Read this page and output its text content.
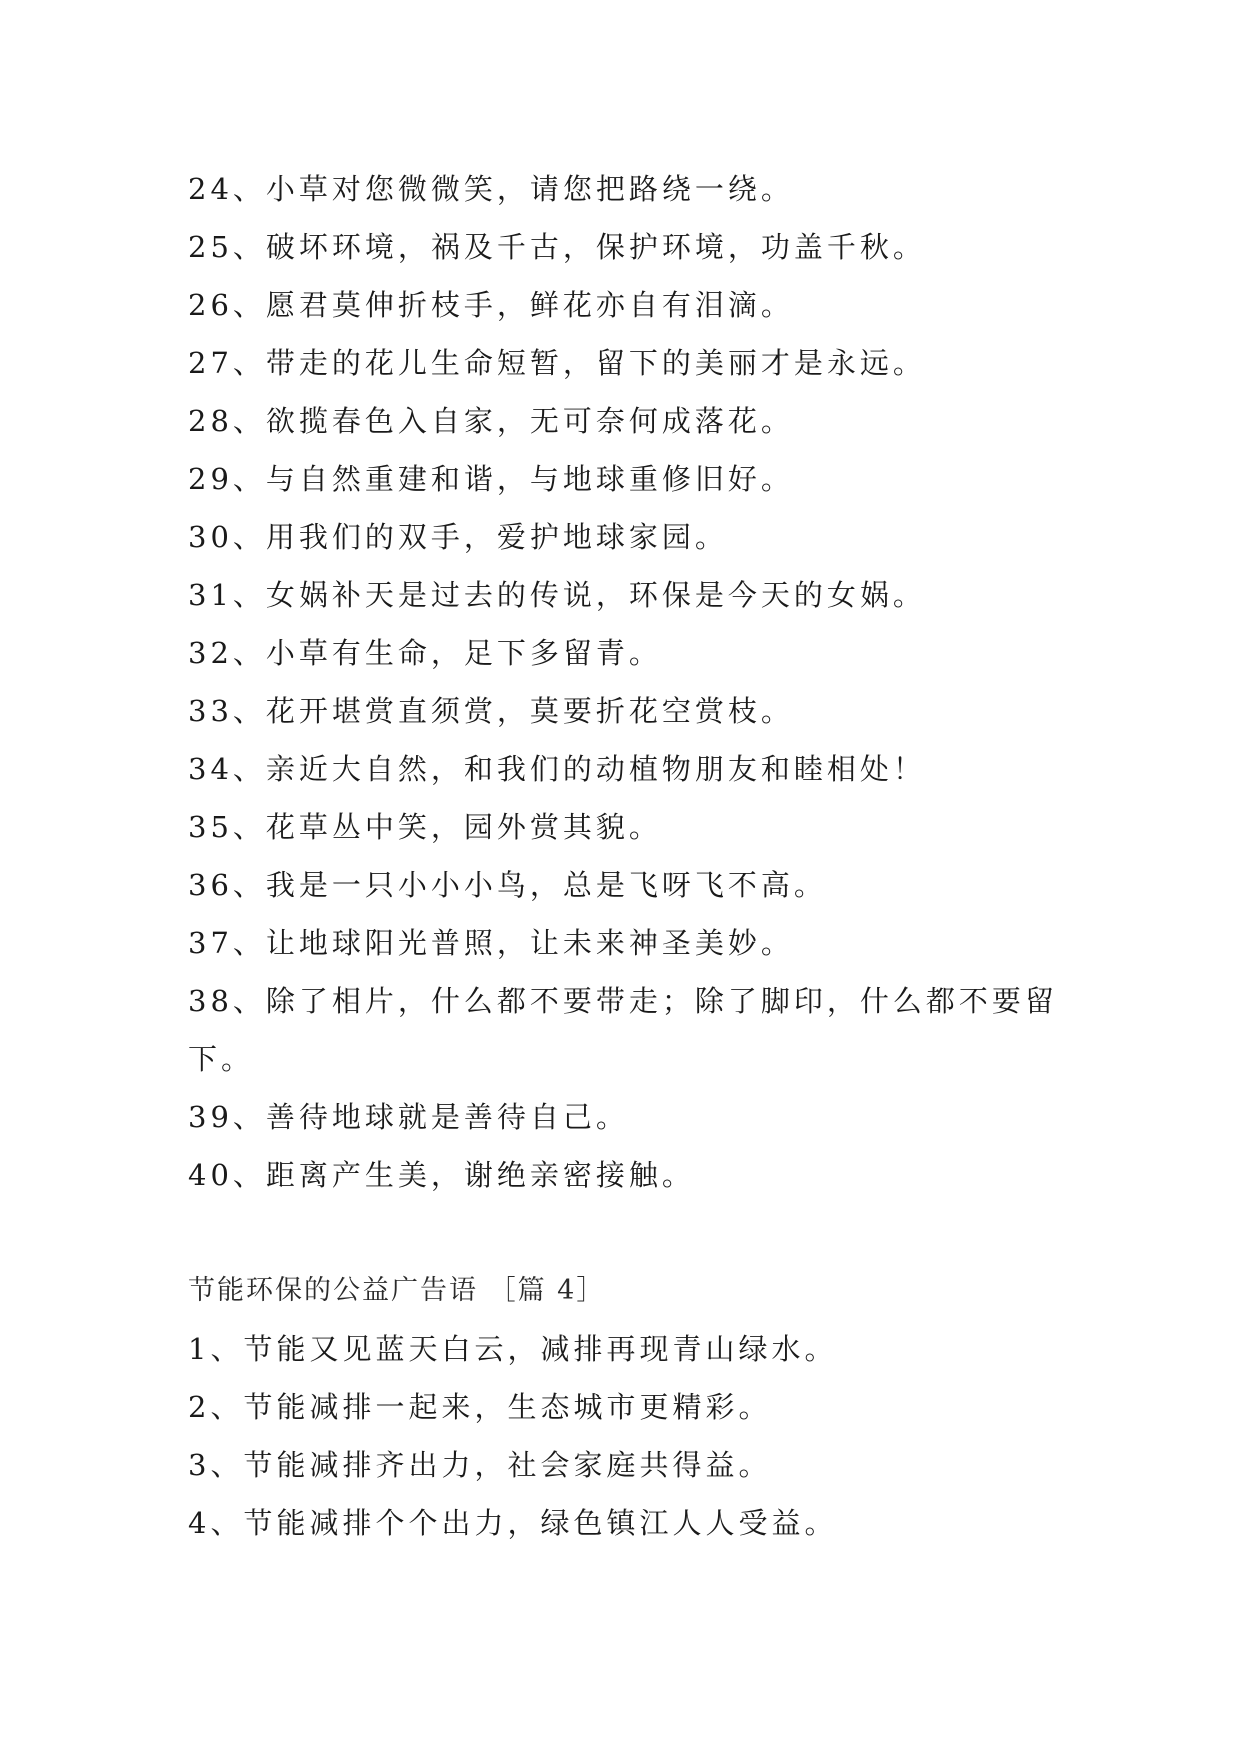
24、小草对您微微笑，请您把路绕一绕。
25、破坏环境，祸及千古，保护环境，功盖千秋。
26、愿君莫伸折枝手，鲜花亦自有泪滴。
27、带走的花儿生命短暂，留下的美丽才是永远。
28、欲揽春色入自家，无可奈何成落花。
29、与自然重建和谐，与地球重修旧好。
30、用我们的双手，爱护地球家园。
31、女娲补天是过去的传说，环保是今天的女娲。
32、小草有生命，足下多留青。
33、花开堪赏直须赏，莫要折花空赏枝。
34、亲近大自然，和我们的动植物朋友和睦相处！
35、花草丛中笑，园外赏其貌。
36、我是一只小小小鸟，总是飞呀飞不高。
37、让地球阳光普照，让未来神圣美妙。
38、除了相片，什么都不要带走；除了脚印，什么都不要留
下。
39、善待地球就是善待自己。
40、距离产生美，谢绝亲密接触。
节能环保的公益广告语 ［篇 4］
1、节能又见蓝天白云，减排再现青山绿水。
2、节能减排一起来，生态城市更精彩。
3、节能减排齐出力，社会家庭共得益。
4、节能减排个个出力，绿色镇江人人受益。
